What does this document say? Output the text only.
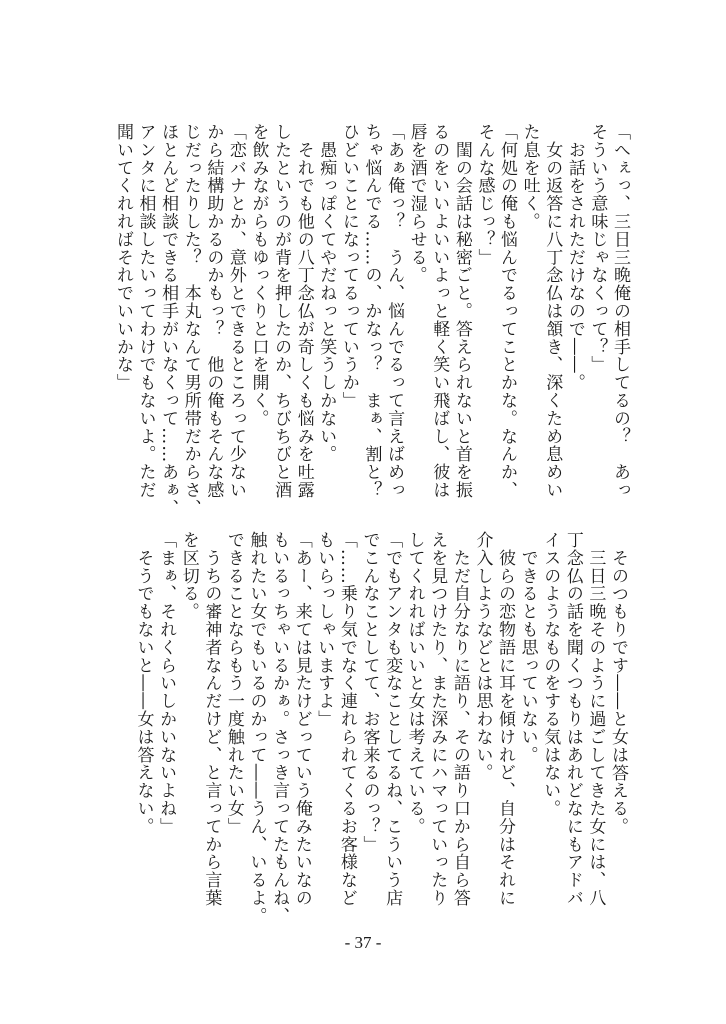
「へぇっ、三日三晩俺の相手してるの？　あっ
そういう意味じゃなくって？」
お話をされただけなので――。
　女の返答に八丁念仏は頷き、深くため息めい
た息を吐く。
「何処の俺も悩んでるってことかな。なんか、
そんな感じっ？」
　閨の会話は秘密ごと。答えられないと首を振
るのをいいよいいよっと軽く笑い飛ばし、彼は
唇を酒で湿らせる。
「あぁ俺っ？　うん、悩んでるって言えばめっ
ちゃ悩んでる……の、かなっ？　まぁ、割と？
ひどいことになってるっていうか」
　愚痴っぽくてやだねっと笑うしかない。
　それでも他の八丁念仏が奇しくも悩みを吐露
したというのが背を押したのか、ちびちびと酒
を飲みながらもゆっくりと口を開く。
「恋バナとか、意外とできるところって少ない
から結構助かるのかもっ？　他の俺もそんな感
じだったりした？　本丸なんて男所帯だからさ、
ほとんど相談できる相手がいなくって……あぁ、
アンタに相談したいってわけでもないよ。ただ
聞いてくれればそれでいいかな」
そのつもりです――と女は答える。
　三日三晩そのように過ごしてきた女には、八
丁念仏の話を聞くつもりはあれどなにもアドバ
イスのようなものをする気はない。
　できるとも思っていない。
　彼らの恋物語に耳を傾けれど、自分はそれに
介入しようなどとは思わない。
　ただ自分なりに語り、その語り口から自ら答
えを見つけたり、また深みにハマっていったり
してくれればいいと女は考えている。
「でもアンタも変なことしてるね、こういう店
でこんなことしてて、お客来るのっ？」
「……乗り気でなく連れられてくるお客様など
もいらっしゃいますよ」
「あー、来ては見たけどっていう俺みたいなの
もいるっちゃいるかぁ。さっき言ってたもんね、
触れたい女でもいるのかって――うん、いるよ。
できることならもう一度触れたい女」
　うちの審神者なんだけど、と言ってから言葉
を区切る。
「まぁ、それくらいしかいないよね」
　そうでもないと――女は答えない。
- 37 -
